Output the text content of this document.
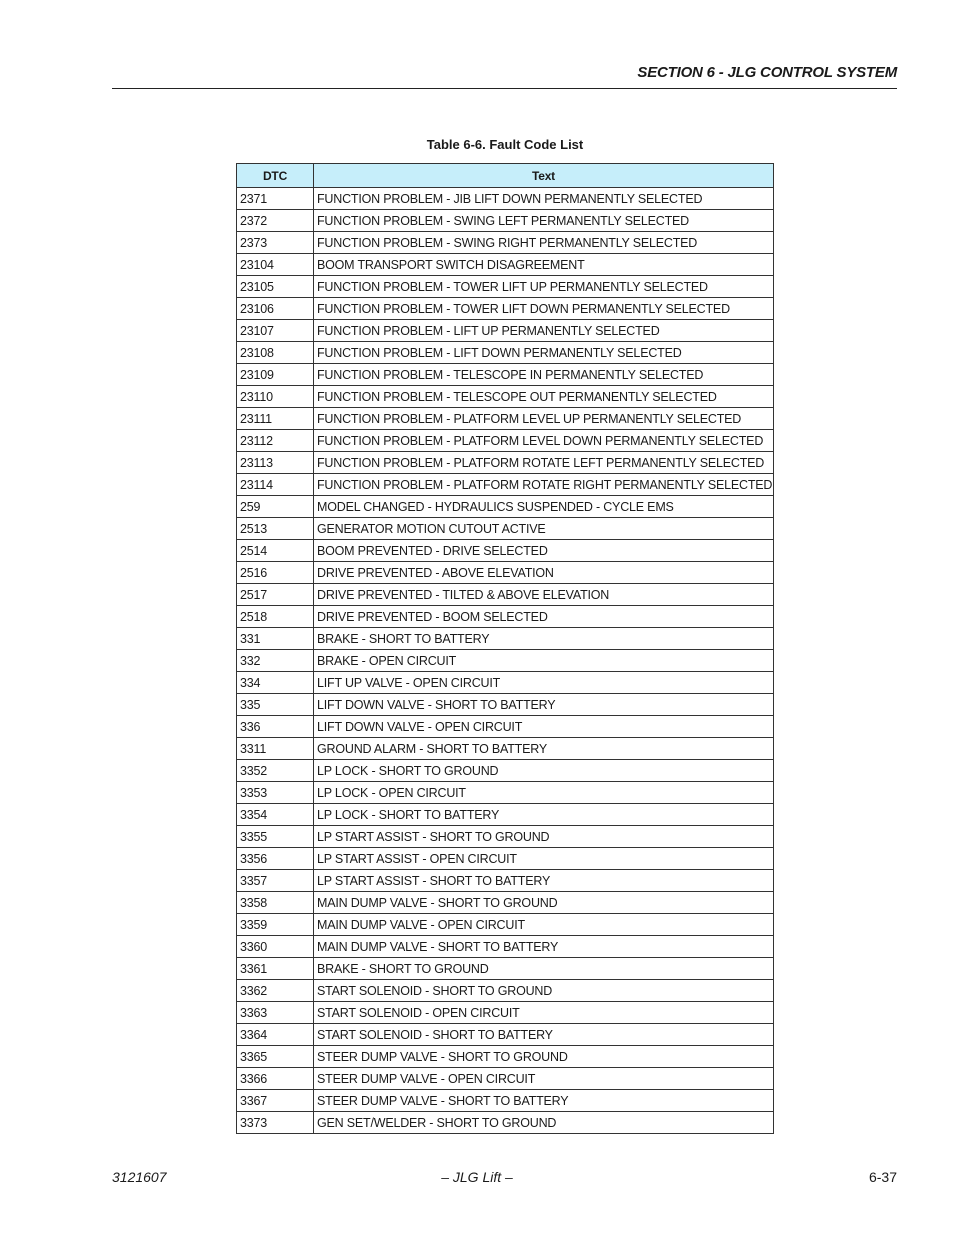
SECTION 6 - JLG CONTROL SYSTEM
Table 6-6. Fault Code List
DTC	Text
2371	FUNCTION PROBLEM - JIB LIFT DOWN PERMANENTLY SELECTED
2372	FUNCTION PROBLEM - SWING LEFT PERMANENTLY SELECTED
2373	FUNCTION PROBLEM - SWING RIGHT PERMANENTLY SELECTED
23104	BOOM TRANSPORT SWITCH DISAGREEMENT
23105	FUNCTION PROBLEM - TOWER LIFT UP PERMANENTLY SELECTED
23106	FUNCTION PROBLEM - TOWER LIFT DOWN PERMANENTLY SELECTED
23107	FUNCTION PROBLEM - LIFT UP PERMANENTLY SELECTED
23108	FUNCTION PROBLEM - LIFT DOWN PERMANENTLY SELECTED
23109	FUNCTION PROBLEM - TELESCOPE IN PERMANENTLY SELECTED
23110	FUNCTION PROBLEM - TELESCOPE OUT PERMANENTLY SELECTED
23111	FUNCTION PROBLEM - PLATFORM LEVEL UP PERMANENTLY SELECTED
23112	FUNCTION PROBLEM - PLATFORM LEVEL DOWN PERMANENTLY SELECTED
23113	FUNCTION PROBLEM - PLATFORM ROTATE LEFT PERMANENTLY SELECTED
23114	FUNCTION PROBLEM - PLATFORM ROTATE RIGHT PERMANENTLY SELECTED
259	MODEL CHANGED - HYDRAULICS SUSPENDED - CYCLE EMS
2513	GENERATOR MOTION CUTOUT ACTIVE
2514	BOOM PREVENTED - DRIVE SELECTED
2516	DRIVE PREVENTED - ABOVE ELEVATION
2517	DRIVE PREVENTED - TILTED & ABOVE ELEVATION
2518	DRIVE PREVENTED - BOOM SELECTED
331	BRAKE - SHORT TO BATTERY
332	BRAKE - OPEN CIRCUIT
334	LIFT UP VALVE - OPEN CIRCUIT
335	LIFT DOWN VALVE - SHORT TO BATTERY
336	LIFT DOWN VALVE - OPEN CIRCUIT
3311	GROUND ALARM - SHORT TO BATTERY
3352	LP LOCK - SHORT TO GROUND
3353	LP LOCK - OPEN CIRCUIT
3354	LP LOCK - SHORT TO BATTERY
3355	LP START ASSIST - SHORT TO GROUND
3356	LP START ASSIST - OPEN CIRCUIT
3357	LP START ASSIST - SHORT TO BATTERY
3358	MAIN DUMP VALVE - SHORT TO GROUND
3359	MAIN DUMP VALVE - OPEN CIRCUIT
3360	MAIN DUMP VALVE - SHORT TO BATTERY
3361	BRAKE - SHORT TO GROUND
3362	START SOLENOID - SHORT TO GROUND
3363	START SOLENOID - OPEN CIRCUIT
3364	START SOLENOID - SHORT TO BATTERY
3365	STEER DUMP VALVE - SHORT TO GROUND
3366	STEER DUMP VALVE - OPEN CIRCUIT
3367	STEER DUMP VALVE - SHORT TO BATTERY
3373	GEN SET/WELDER - SHORT TO GROUND
3121607	– JLG Lift –	6-37
